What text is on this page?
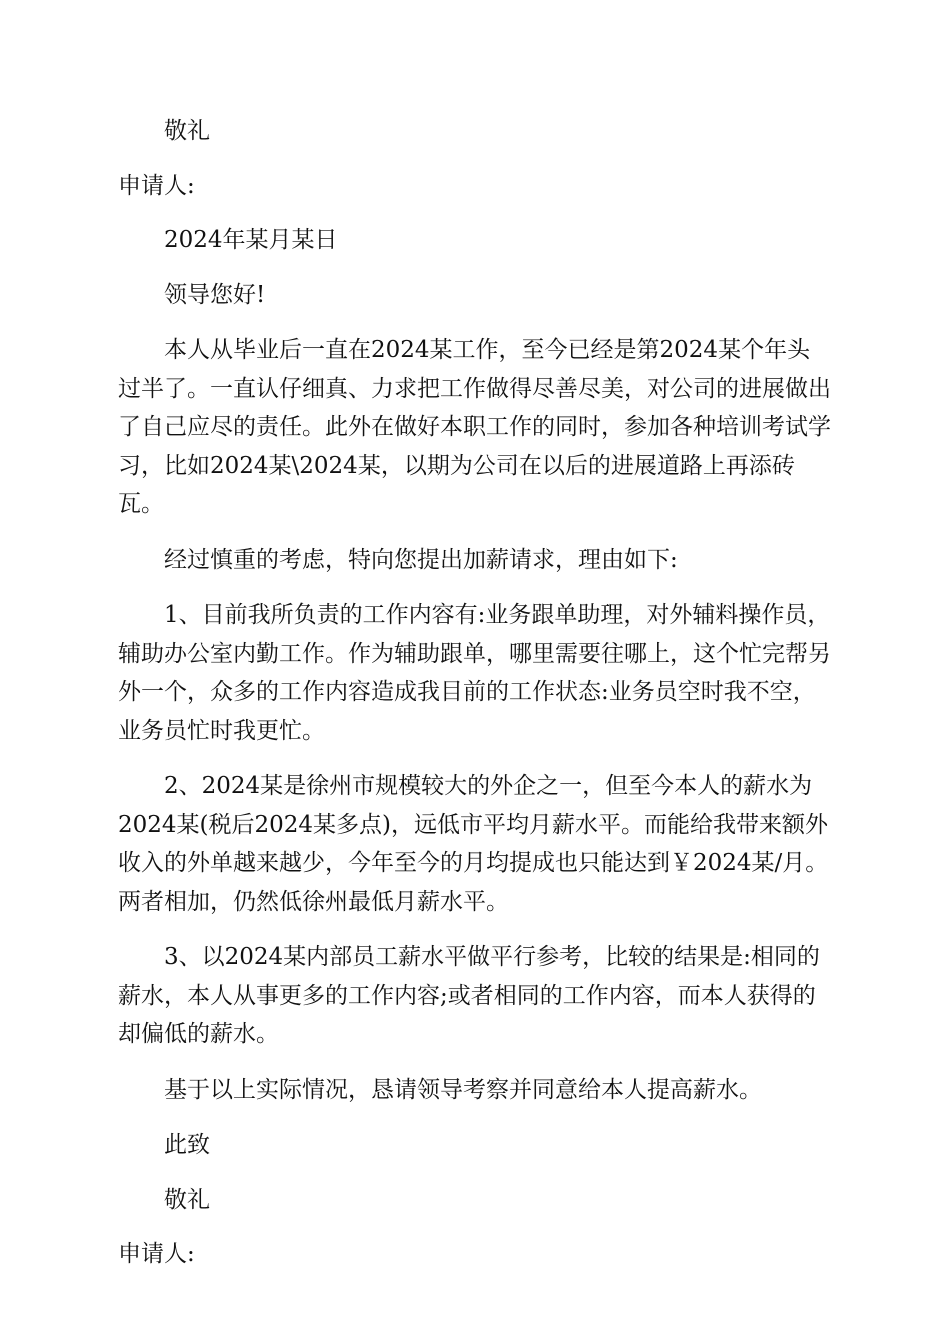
敬礼

申请人:

2024年某月某日

领导您好!

本人从毕业后一直在2024某工作，至今已经是第2024某个年头过半了。一直认仔细真、力求把工作做得尽善尽美，对公司的进展做出了自己应尽的责任。此外在做好本职工作的同时，参加各种培训考试学习，比如2024某\2024某，以期为公司在以后的进展道路上再添砖瓦。

经过慎重的考虑，特向您提出加薪请求，理由如下:

1、目前我所负责的工作内容有:业务跟单助理，对外辅料操作员，辅助办公室内勤工作。作为辅助跟单，哪里需要往哪上，这个忙完帮另外一个，众多的工作内容造成我目前的工作状态:业务员空时我不空，业务员忙时我更忙。

2、2024某是徐州市规模较大的外企之一，但至今本人的薪水为2024某(税后2024某多点)，远低市平均月薪水平。而能给我带来额外收入的外单越来越少，今年至今的月均提成也只能达到￥2024某/月。两者相加，仍然低徐州最低月薪水平。

3、以2024某内部员工薪水平做平行参考，比较的结果是:相同的薪水，本人从事更多的工作内容;或者相同的工作内容，而本人获得的却偏低的薪水。

基于以上实际情况，恳请领导考察并同意给本人提高薪水。

此致

敬礼

申请人:
